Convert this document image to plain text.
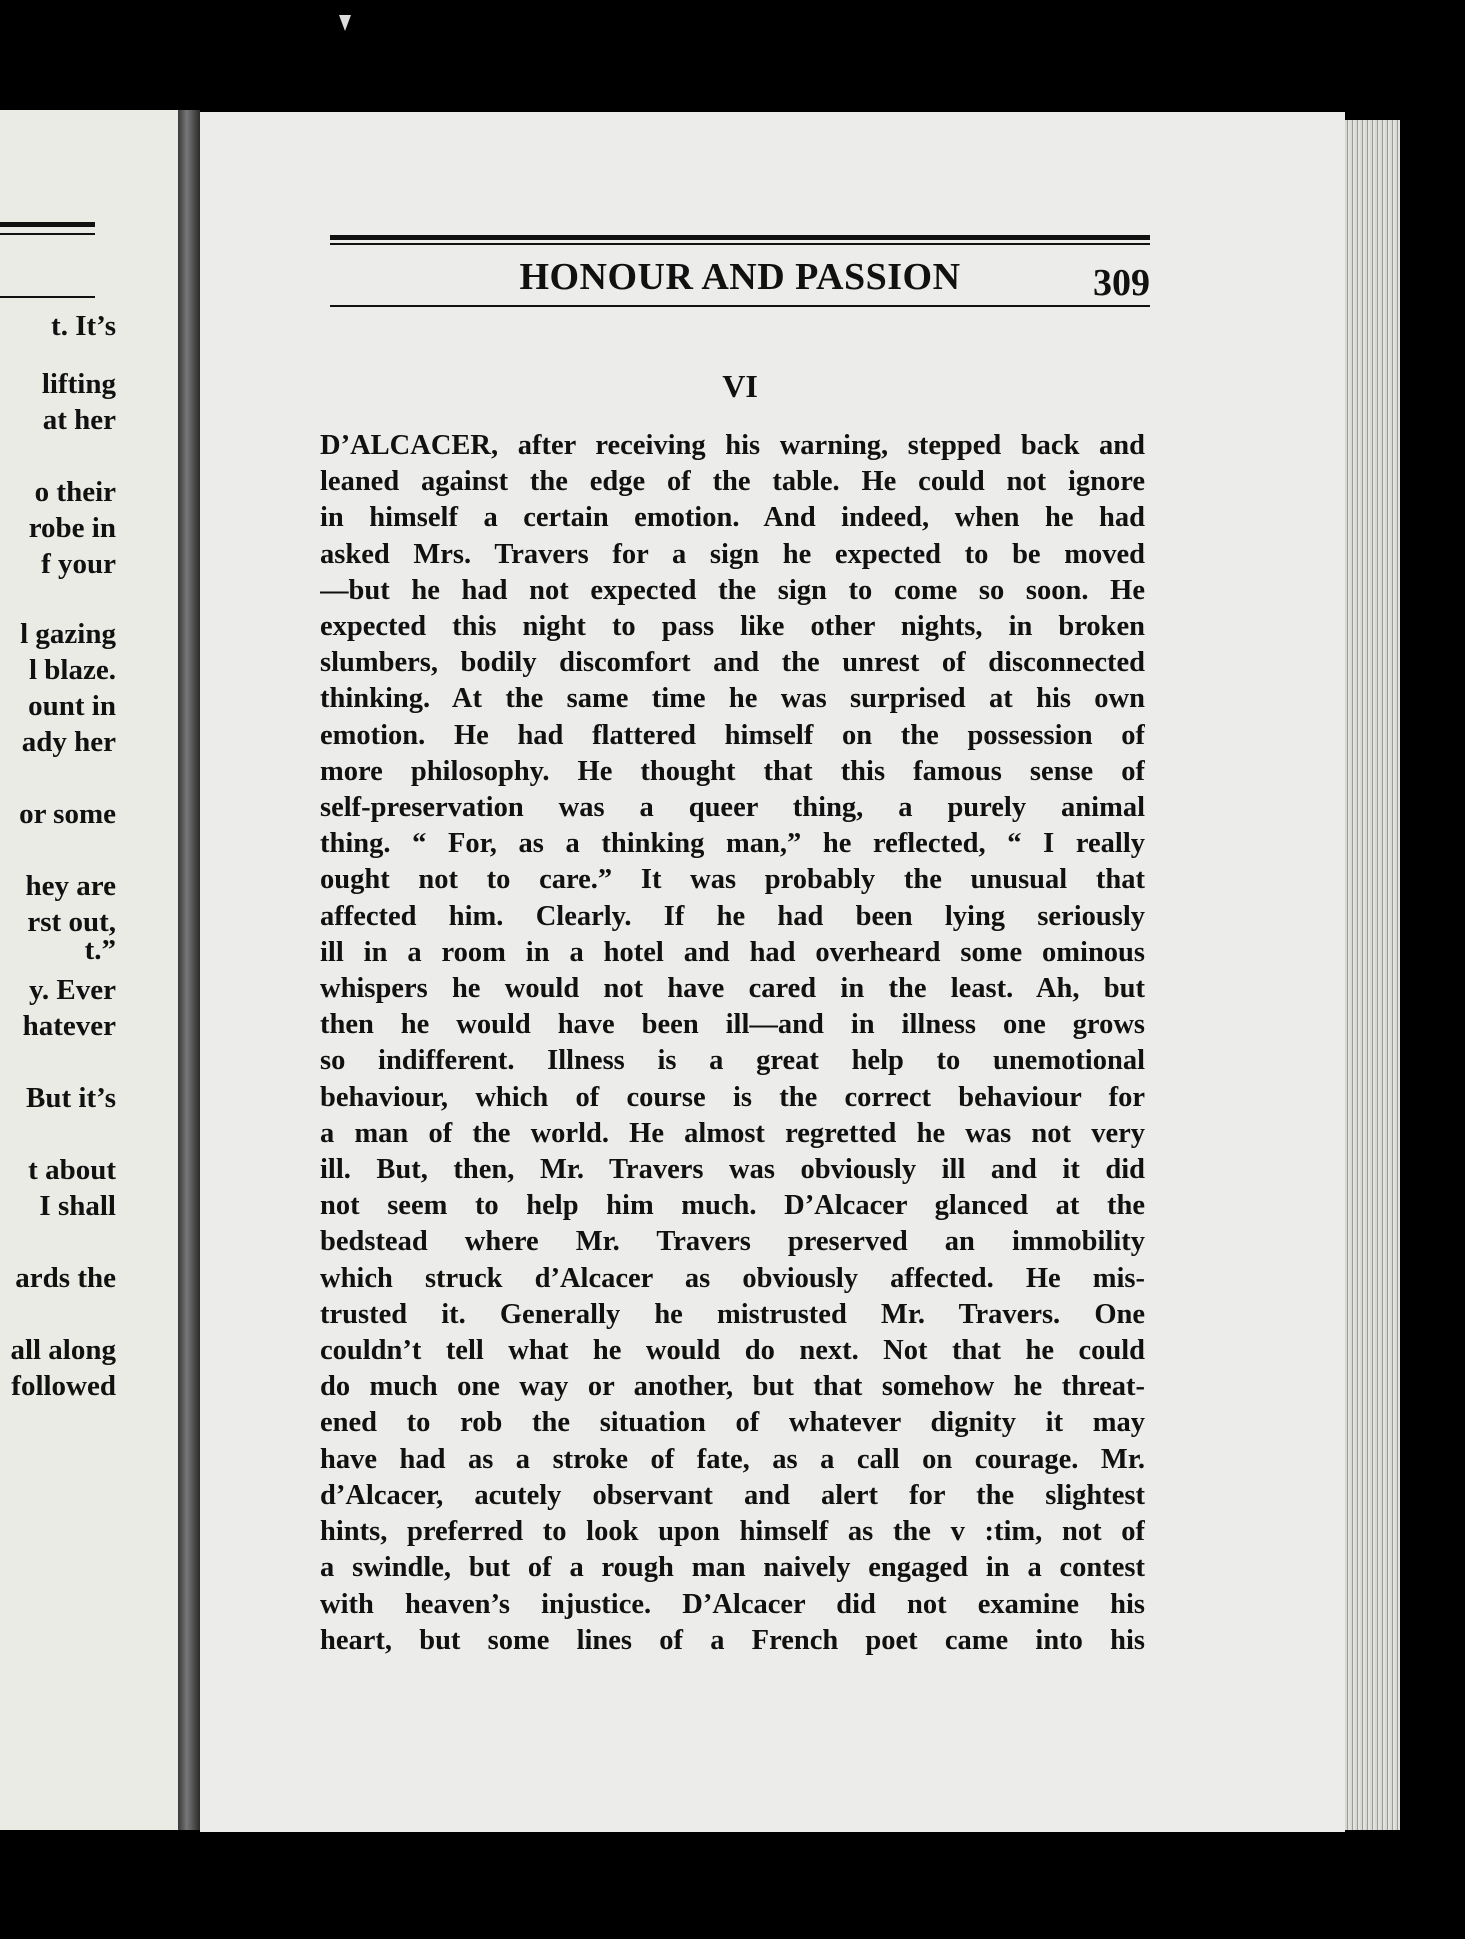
t. It’s
lifting
at her
o their
robe in
f your
l gazing
l blaze.
ount in
ady her
or some
hey are
rst out,
t.”
y. Ever
hatever
But it’s
t about
I shall
ards the
all along
followed
HONOUR AND PASSION	309
VI
D’ALCACER, after receiving his warning, stepped back and
leaned against the edge of the table. He could not ignore
in himself a certain emotion. And indeed, when he had
asked Mrs. Travers for a sign he expected to be moved
—but he had not expected the sign to come so soon. He
expected this night to pass like other nights, in broken
slumbers, bodily discomfort and the unrest of disconnected
thinking. At the same time he was surprised at his own
emotion. He had flattered himself on the possession of
more philosophy. He thought that this famous sense of
self-preservation was a queer thing, a purely animal
thing. “ For, as a thinking man,” he reflected, “ I really
ought not to care.” It was probably the unusual that
affected him. Clearly. If he had been lying seriously
ill in a room in a hotel and had overheard some ominous
whispers he would not have cared in the least. Ah, but
then he would have been ill—and in illness one grows
so indifferent. Illness is a great help to unemotional
behaviour, which of course is the correct behaviour for
a man of the world. He almost regretted he was not very
ill. But, then, Mr. Travers was obviously ill and it did
not seem to help him much. D’Alcacer glanced at the
bedstead where Mr. Travers preserved an immobility
which struck d’Alcacer as obviously affected. He mis-
trusted it. Generally he mistrusted Mr. Travers. One
couldn’t tell what he would do next. Not that he could
do much one way or another, but that somehow he threat-
ened to rob the situation of whatever dignity it may
have had as a stroke of fate, as a call on courage. Mr.
d’Alcacer, acutely observant and alert for the slightest
hints, preferred to look upon himself as the v :tim, not of
a swindle, but of a rough man naively engaged in a contest
with heaven’s injustice. D’Alcacer did not examine his
heart, but some lines of a French poet came into his
